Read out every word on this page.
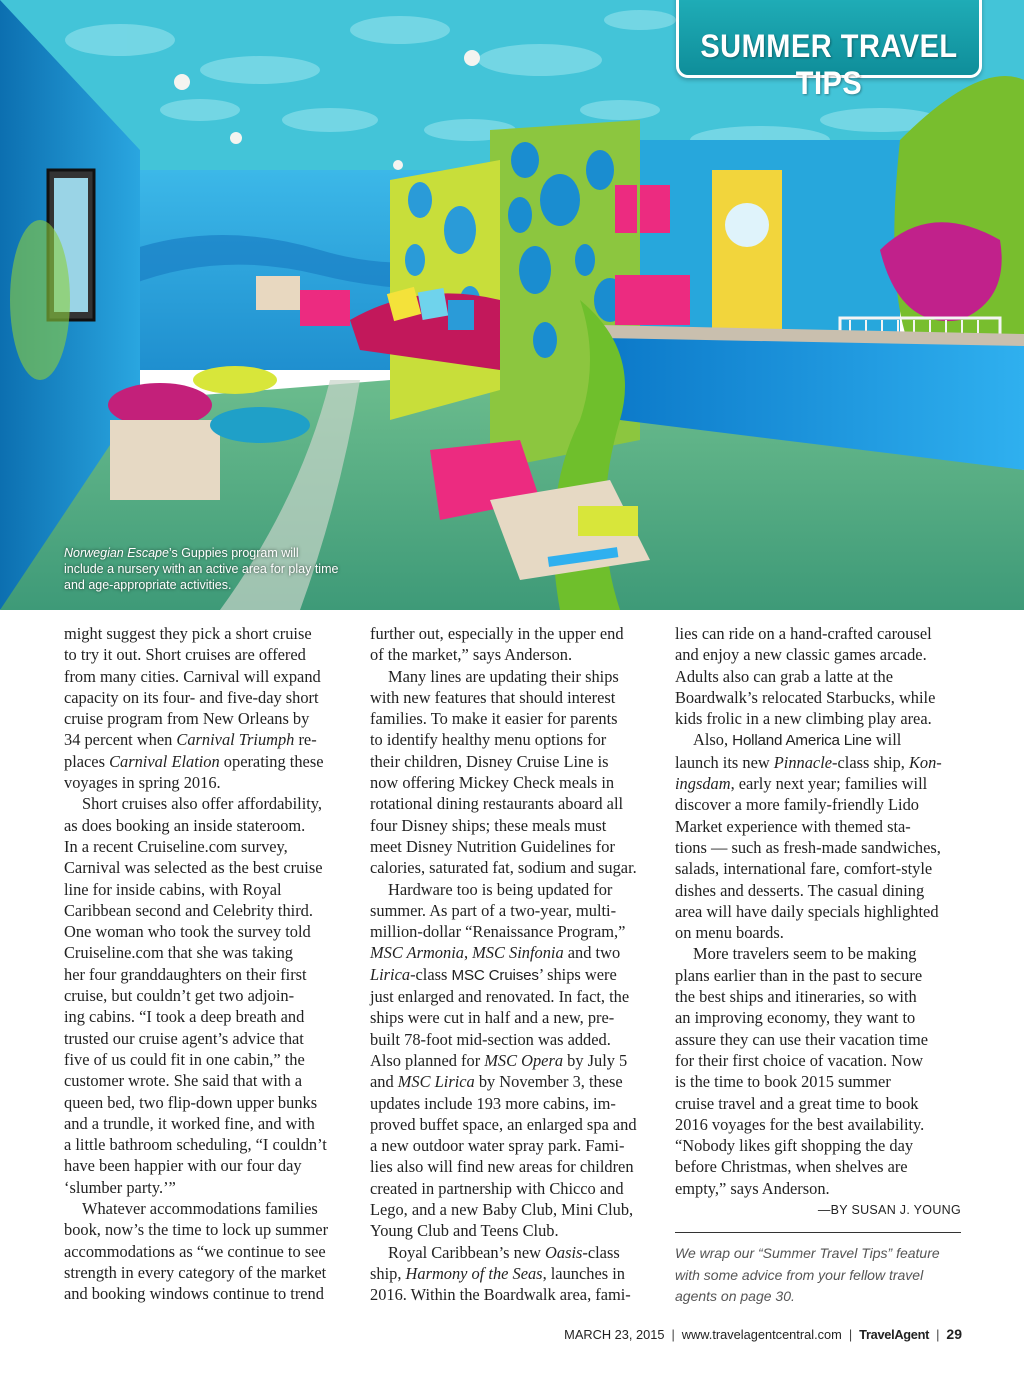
SUMMER TRAVEL TIPS
Norwegian Escape’s Guppies program will
include a nursery with an active area for play time
and age-appropriate activities.
might suggest they pick a short cruise
to try it out. Short cruises are offered
from many cities. Carnival will expand
capacity on its four- and five-day short
cruise program from New Orleans by
34 percent when Carnival Triumph re-
places Carnival Elation operating these
voyages in spring 2016.
Short cruises also offer affordability,
as does booking an inside stateroom.
In a recent Cruiseline.com survey,
Carnival was selected as the best cruise
line for inside cabins, with Royal
Caribbean second and Celebrity third.
One woman who took the survey told
Cruiseline.com that she was taking
her four granddaughters on their first
cruise, but couldn’t get two adjoin-
ing cabins. “I took a deep breath and
trusted our cruise agent’s advice that
five of us could fit in one cabin,” the
customer wrote. She said that with a
queen bed, two flip-down upper bunks
and a trundle, it worked fine, and with
a little bathroom scheduling, “I couldn’t
have been happier with our four day
‘slumber party.’”
Whatever accommodations families
book, now’s the time to lock up summer
accommodations as “we continue to see
strength in every category of the market
and booking windows continue to trend
further out, especially in the upper end
of the market,” says Anderson.
Many lines are updating their ships
with new features that should interest
families. To make it easier for parents
to identify healthy menu options for
their children, Disney Cruise Line is
now offering Mickey Check meals in
rotational dining restaurants aboard all
four Disney ships; these meals must
meet Disney Nutrition Guidelines for
calories, saturated fat, sodium and sugar.
Hardware too is being updated for
summer. As part of a two-year, multi-
million-dollar “Renaissance Program,”
MSC Armonia, MSC Sinfonia and two
Lirica-class MSC Cruises’ ships were
just enlarged and renovated. In fact, the
ships were cut in half and a new, pre-
built 78-foot mid-section was added.
Also planned for MSC Opera by July 5
and MSC Lirica by November 3, these
updates include 193 more cabins, im-
proved buffet space, an enlarged spa and
a new outdoor water spray park. Fami-
lies also will find new areas for children
created in partnership with Chicco and
Lego, and a new Baby Club, Mini Club,
Young Club and Teens Club.
Royal Caribbean’s new Oasis-class
ship, Harmony of the Seas, launches in
2016. Within the Boardwalk area, fami-
lies can ride on a hand-crafted carousel
and enjoy a new classic games arcade.
Adults also can grab a latte at the
Boardwalk’s relocated Starbucks, while
kids frolic in a new climbing play area.
Also, Holland America Line will
launch its new Pinnacle-class ship, Kon-
ingsdam, early next year; families will
discover a more family-friendly Lido
Market experience with themed sta-
tions — such as fresh-made sandwiches,
salads, international fare, comfort-style
dishes and desserts. The casual dining
area will have daily specials highlighted
on menu boards.
More travelers seem to be making
plans earlier than in the past to secure
the best ships and itineraries, so with
an improving economy, they want to
assure they can use their vacation time
for their first choice of vacation. Now
is the time to book 2015 summer
cruise travel and a great time to book
2016 voyages for the best availability.
“Nobody likes gift shopping the day
before Christmas, when shelves are
empty,” says Anderson.
—BY SUSAN J. YOUNG
We wrap our “Summer Travel Tips” feature
with some advice from your fellow travel
agents on page 30.
MARCH 23, 2015 | www.travelagentcentral.com | TravelAgent | 29
